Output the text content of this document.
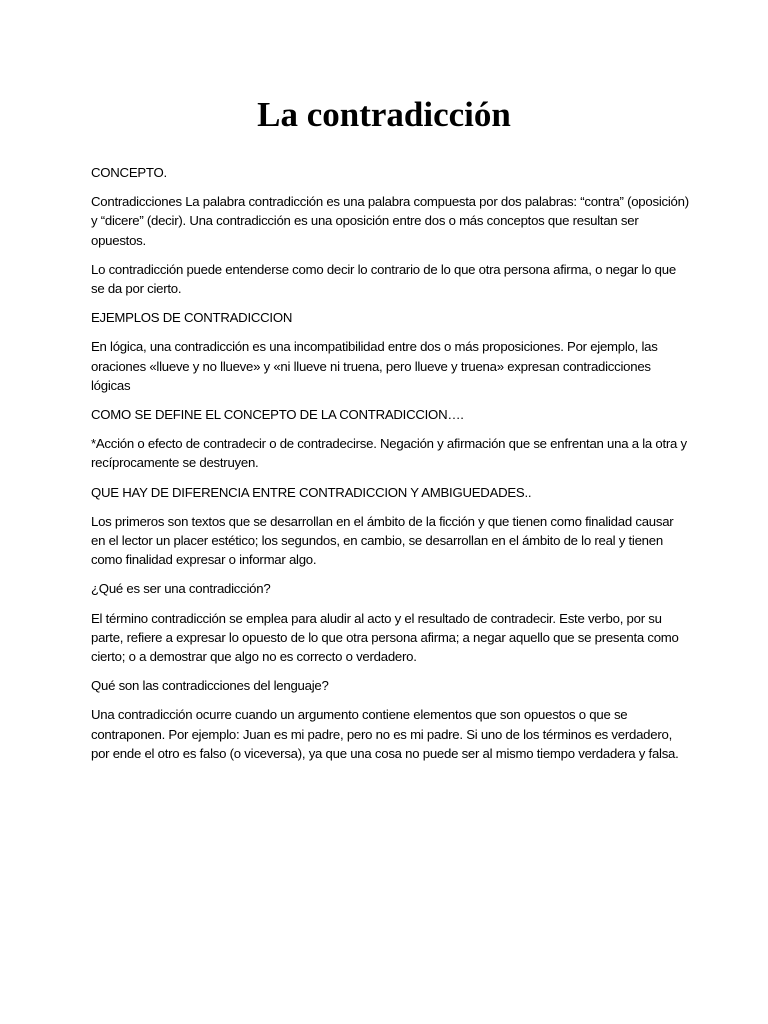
La contradicción

CONCEPTO.

Contradicciones La palabra contradicción es una palabra compuesta por dos palabras: “contra” (oposición) y “dicere” (decir). Una contradicción es una oposición entre dos o más conceptos que resultan ser opuestos.

Lo contradicción puede entenderse como decir lo contrario de lo que otra persona afirma, o negar lo que se da por cierto.

EJEMPLOS DE CONTRADICCION

En lógica, una contradicción es una incompatibilidad entre dos o más proposiciones. Por ejemplo, las oraciones «llueve y no llueve» y «ni llueve ni truena, pero llueve y truena» expresan contradicciones lógicas

COMO SE DEFINE EL CONCEPTO DE LA CONTRADICCION….

*Acción o efecto de contradecir o de contradecirse. Negación y afirmación que se enfrentan una a la otra y recíprocamente se destruyen.

QUE HAY DE DIFERENCIA ENTRE CONTRADICCION Y AMBIGUEDADES..

Los primeros son textos que se desarrollan en el ámbito de la ficción y que tienen como finalidad causar en el lector un placer estético; los segundos, en cambio, se desarrollan en el ámbito de lo real y tienen como finalidad expresar o informar algo.

¿Qué es ser una contradicción?

El término contradicción se emplea para aludir al acto y el resultado de contradecir. Este verbo, por su parte, refiere a expresar lo opuesto de lo que otra persona afirma; a negar aquello que se presenta como cierto; o a demostrar que algo no es correcto o verdadero.

Qué son las contradicciones del lenguaje?

Una contradicción ocurre cuando un argumento contiene elementos que son opuestos o que se contraponen. Por ejemplo: Juan es mi padre, pero no es mi padre. Si uno de los términos es verdadero, por ende el otro es falso (o viceversa), ya que una cosa no puede ser al mismo tiempo verdadera y falsa.
